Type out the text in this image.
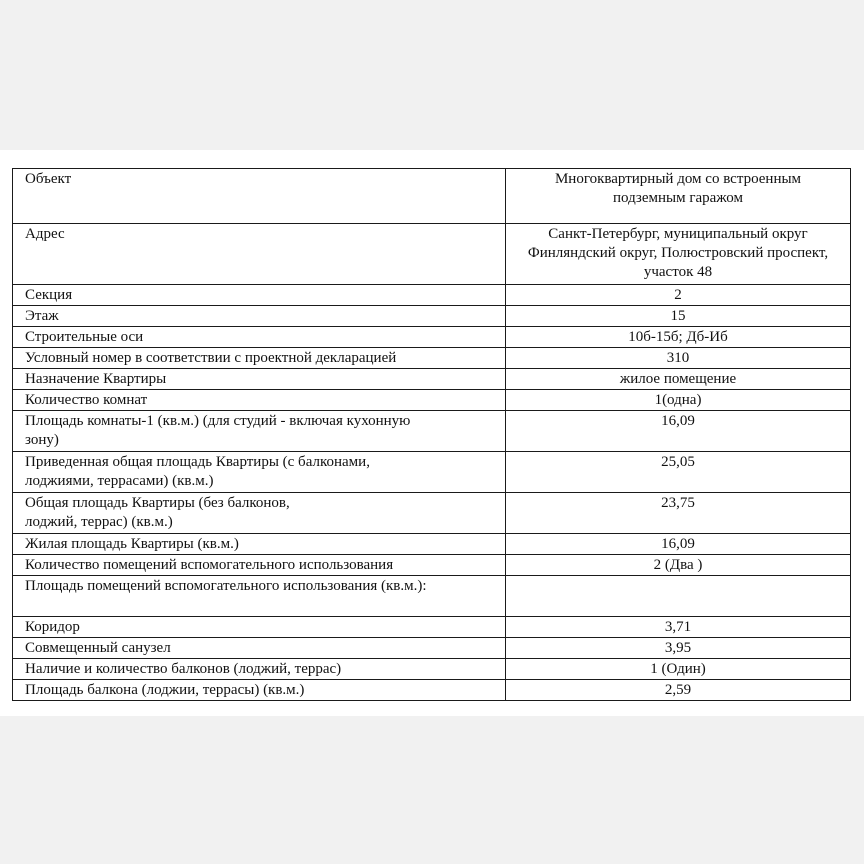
Объект	Многоквартирный дом со встроенным подземным гаражом
Адрес	Санкт-Петербург, муниципальный округ Финляндский округ, Полюстровский проспект, участок 48
Секция	2
Этаж	15
Строительные оси	10б-15б; Дб-Иб
Условный номер в соответствии с проектной декларацией	310
Назначение Квартиры	жилое помещение
Количество комнат	1(одна)
Площадь комнаты-1 (кв.м.) (для студий - включая кухонную зону)	16,09
Приведенная общая площадь Квартиры (с балконами, лоджиями, террасами) (кв.м.)	25,05
Общая площадь Квартиры (без балконов, лоджий, террас) (кв.м.)	23,75
Жилая площадь Квартиры (кв.м.)	16,09
Количество помещений вспомогательного использования	2 (Два )
Площадь помещений вспомогательного использования (кв.м.):	
Коридор	3,71
Совмещенный санузел	3,95
Наличие и количество балконов (лоджий, террас)	1 (Один)
Площадь балкона (лоджии, террасы) (кв.м.)	2,59
